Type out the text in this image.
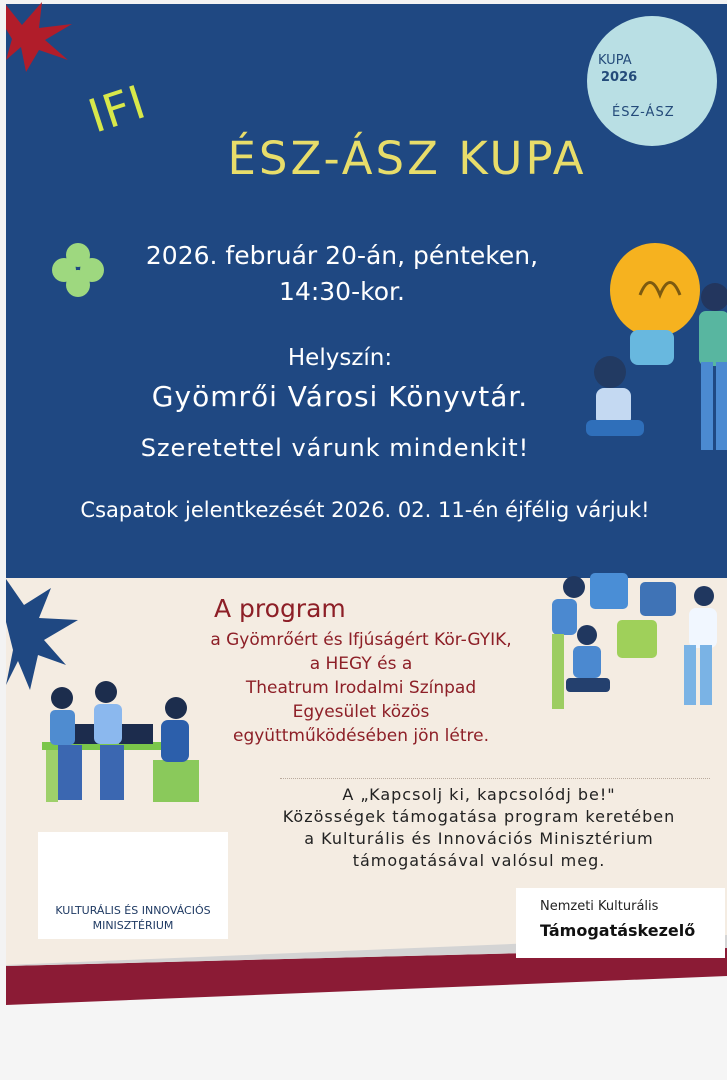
KUPA
2026
ÉSZ-ÁSZ
IFI
ÉSZ-ÁSZ KUPA
2026. február 20-án, pénteken,
14:30-kor.
Helyszín:
Gyömrői Városi Könyvtár.
Szeretettel várunk mindenkit!
Csapatok jelentkezését 2026. 02. 11-én éjfélig várjuk!
A program
a Gyömrőért és Ifjúságért Kör-GYIK,
a HEGY és a
Theatrum Irodalmi Színpad
Egyesület közös
együttműködésében jön létre.
A „Kapcsolj ki, kapcsolódj be!"
Közösségek támogatása program keretében
a Kulturális és Innovációs Minisztérium
támogatásával valósul meg.
KULTURÁLIS ÉS INNOVÁCIÓS
MINISZTÉRIUM
Nemzeti Kulturális
Támogatáskezelő
